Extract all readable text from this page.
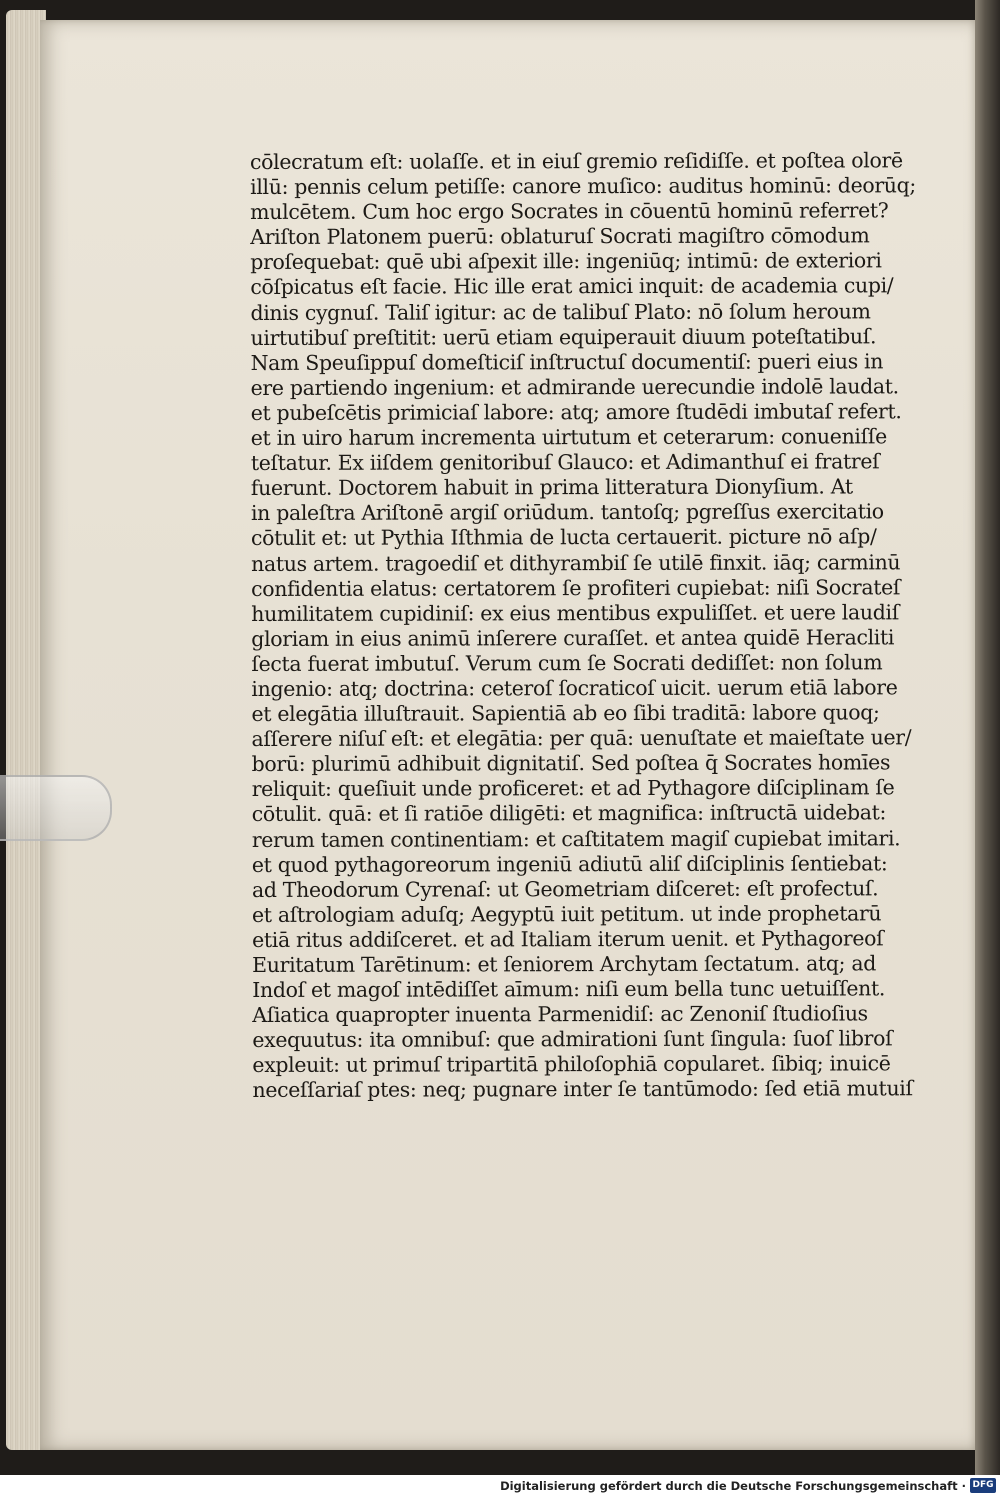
cōlecratum eſt: uolaſſe. et in eiuſ gremio reſidiſſe. et poſtea olorē
illū: pennis celum petiſſe: canore muſico: auditus hominū: deorūq;
mulcētem. Cum hoc ergo Socrates in cōuentū hominū referret?
Ariſton Platonem puerū: oblaturuſ Socrati magiſtro cōmodum
proſequebat: quē ubi aſpexit ille: ingeniūq; intimū: de exteriori
cōſpicatus eſt facie. Hic ille erat amici inquit: de academia cupi/
dinis cygnuſ. Taliſ igitur: ac de talibuſ Plato: nō ſolum heroum
uirtutibuſ preſtitit: uerū etiam equiperauit diuum poteſtatibuſ.
Nam Speuſippuſ domeſticiſ inſtructuſ documentiſ: pueri eius in
ere partiendo ingenium: et admirande uerecundie indolē laudat.
et pubeſcētis primiciaſ labore: atq; amore ſtudēdi imbutaſ refert.
et in uiro harum incrementa uirtutum et ceterarum: conueniſſe
teſtatur. Ex iiſdem genitoribuſ Glauco: et Adimanthuſ ei fratreſ
fuerunt. Doctorem habuit in prima litteratura Dionyſium. At
in paleſtra Ariſtonē argiſ oriūdum. tantoſq; pgreſſus exercitatio
cōtulit et: ut Pythia Iſthmia de lucta certauerit. picture nō aſp/
natus artem. tragoediſ et dithyrambiſ ſe utilē finxit. iāq; carminū
confidentia elatus: certatorem ſe profiteri cupiebat: niſi Socrateſ
humilitatem cupidiniſ: ex eius mentibus expuliſſet. et uere laudiſ
gloriam in eius animū inſerere curaſſet. et antea quidē Heracliti
ſecta fuerat imbutuſ. Verum cum ſe Socrati dediſſet: non ſolum
ingenio: atq; doctrina: ceteroſ ſocraticoſ uicit. uerum etiā labore
et elegātia illuſtrauit. Sapientiā ab eo ſibi traditā: labore quoq;
aſſerere niſuſ eſt: et elegātia: per quā: uenuſtate et maieſtate uer/
borū: plurimū adhibuit dignitatiſ. Sed poſtea q̄ Socrates homīes
reliquit: queſiuit unde proficeret: et ad Pythagore diſciplinam ſe
cōtulit. quā: et ſi ratiōe diligēti: et magnifica: inſtructā uidebat:
rerum tamen continentiam: et caſtitatem magiſ cupiebat imitari.
et quod pythagoreorum ingeniū adiutū aliſ diſciplinis ſentiebat:
ad Theodorum Cyrenaſ: ut Geometriam diſceret: eſt profectuſ.
et aſtrologiam aduſq; Aegyptū iuit petitum. ut inde prophetarū
etiā ritus addiſceret. et ad Italiam iterum uenit. et Pythagoreoſ
Euritatum Tarētinum: et ſeniorem Archytam ſectatum. atq; ad
Indoſ et magoſ intēdiſſet aīmum: niſi eum bella tunc uetuiſſent.
Aſiatica quapropter inuenta Parmenidiſ: ac Zenoniſ ſtudioſius
exequutus: ita omnibuſ: que admirationi ſunt ſingula: ſuoſ libroſ
expleuit: ut primuſ tripartitā philoſophiā copularet. ſibiq; inuicē
neceſſariaſ ptes: neq; pugnare inter ſe tantūmodo: ſed etiā mutuiſ
Digitalisierung gefördert durch die Deutsche Forschungsgemeinschaft · DFG
